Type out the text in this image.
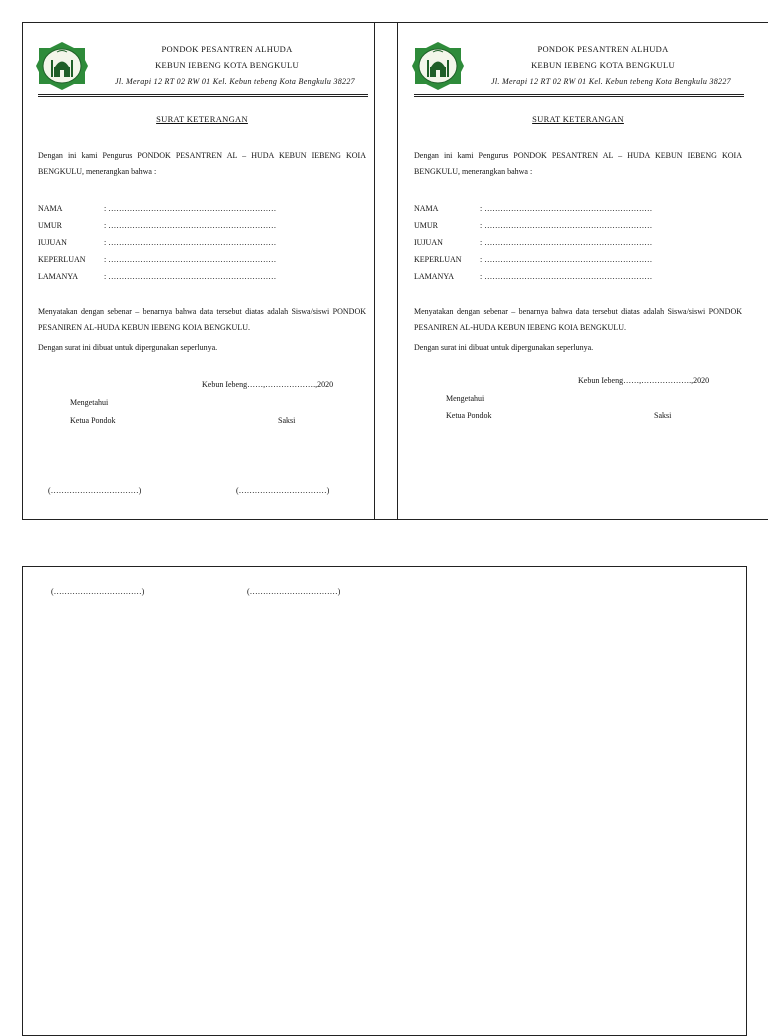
PONDOK PESANTREN ALHUDA
KEBUN IEBENG KOTA BENGKULU
Jl. Merapi 12 RT 02 RW 01 Kel. Kebun tebeng Kota Bengkulu 38227
SURAT KETERANGAN
Dengan ini kami Pengurus PONDOK PESANTREN AL – HUDA KEBUN IEBENG KOIA BENGKULU, menerangkan bahwa :
NAMA	: ………………………………………………………
UMUR	: ………………………………………………………
IUJUAN	: ………………………………………………………
KEPERLUAN : ………………………………………………………
LAMANYA	: ………………………………………………………
Menyatakan dengan sebenar – benarnya bahwa data tersebut diatas adalah Siswa/siswi PONDOK PESANIREN AL-HUDA KEBUN IEBENG KOIA BENGKULU.
Dengan surat ini dibuat untuk dipergunakan seperlunya.
Kebun Iebeng……,……………….,2020
Mengetahui
Ketua Pondok	Saksi
(……………………………)	(……………………………)
PONDOK PESANTREN ALHUDA
KEBUN IEBENG KOTA BENGKULU
Jl. Merapi 12 RT 02 RW 01 Kel. Kebun tebeng Kota Bengkulu 38227
SURAT KETERANGAN
Dengan ini kami Pengurus PONDOK PESANTREN AL – HUDA KEBUN IEBENG KOIA BENGKULU, menerangkan bahwa :
NAMA	: ………………………………………………………
UMUR	: ………………………………………………………
IUJUAN	: ………………………………………………………
KEPERLUAN : ………………………………………………………
LAMANYA	: ………………………………………………………
Menyatakan dengan sebenar – benarnya bahwa data tersebut diatas adalah Siswa/siswi PONDOK PESANIREN AL-HUDA KEBUN IEBENG KOIA BENGKULU.
Dengan surat ini dibuat untuk dipergunakan seperlunya.
Kebun Iebeng……,……………….,2020
Mengetahui
Ketua Pondok	Saksi
(……………………………)	(……………………………)
